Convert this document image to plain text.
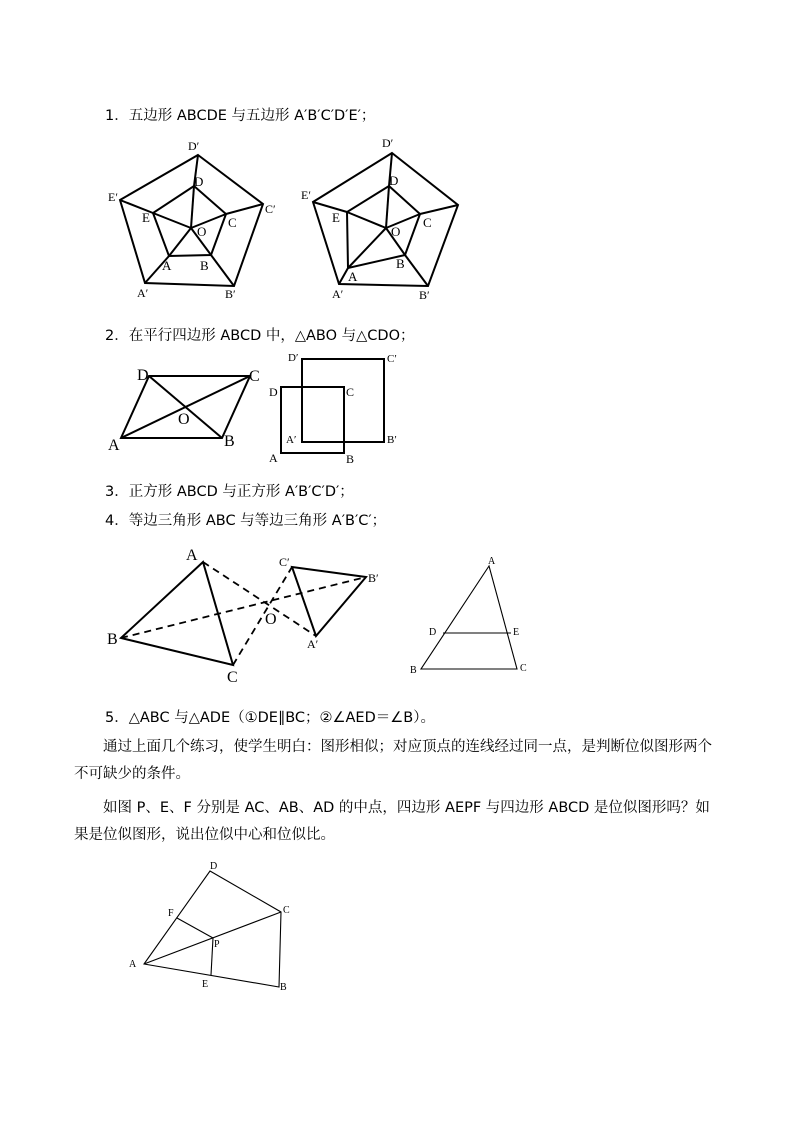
1．五边形 ABCDE 与五边形 A′B′C′D′E′；
2．在平行四边形 ABCD 中，△ABO 与△CDO；
3．正方形 ABCD 与正方形 A′B′C′D′；
4．等边三角形 ABC 与等边三角形 A′B′C′；
5．△ABC 与△ADE（①DE∥BC；②∠AED＝∠B）。
通过上面几个练习，使学生明白：图形相似；对应顶点的连线经过同一点，是判断位似图形两个不可缺少的条件。
如图 P、E、F 分别是 AC、AB、AD 的中点，四边形 AEPF 与四边形 ABCD 是位似图形吗？如果是位似图形，说出位似中心和位似比。
D′
E′
C′
A′	B′
D
E	C
O
A B
D′
E′
A′	B′
D
E	C
O
A
B
D	C
O
A	B
D′	C′
D	C
A′	B′
A	B
A
B
C
O
C′
B′
A′
A
D	E
B	C
D
C
F
P
A
E	B
